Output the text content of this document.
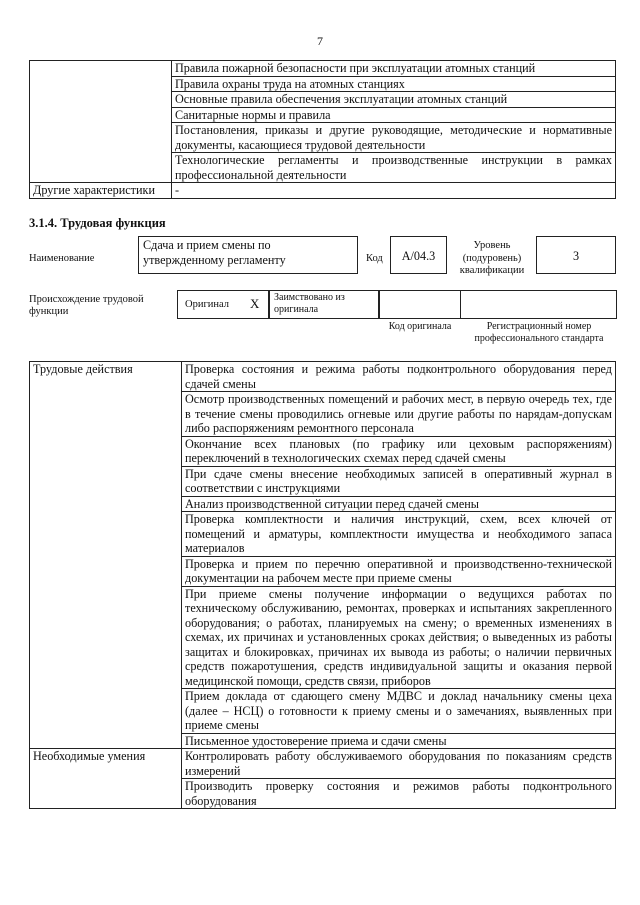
7
	Правила пожарной безопасности при эксплуатации атомных станций
	Правила охраны труда на атомных станциях
	Основные правила обеспечения эксплуатации атомных станций
	Санитарные нормы и правила
	Постановления, приказы и другие руководящие, методические и нормативные документы, касающиеся трудовой деятельности
	Технологические регламенты и производственные инструкции в рамках профессиональной деятельности
Другие характеристики	-
3.1.4. Трудовая функция
Наименование
Сдача и прием смены по утвержденному регламенту	Код	А/04.3
Уровень (подуровень) квалификации
3
Происхождение трудовой функции
Оригинал X Заимствовано из оригинала
Код оригинала	Регистрационный номер профессионального стандарта
Трудовые действия	Проверка состояния и режима работы подконтрольного оборудования перед сдачей смены
	Осмотр производственных помещений и рабочих мест, в первую очередь тех, где в течение смены проводились огневые или другие работы по нарядам-допускам либо распоряжениям ремонтного персонала
	Окончание всех плановых (по графику или цеховым распоряжениям) переключений в технологических схемах перед сдачей смены
	При сдаче смены внесение необходимых записей в оперативный журнал в соответствии с инструкциями
	Анализ производственной ситуации перед сдачей смены
	Проверка комплектности и наличия инструкций, схем, всех ключей от помещений и арматуры, комплектности имущества и необходимого запаса материалов
	Проверка и прием по перечню оперативной и производственно-технической документации на рабочем месте при приеме смены
	При приеме смены получение информации о ведущихся работах по техническому обслуживанию, ремонтах, проверках и испытаниях закрепленного оборудования; о работах, планируемых на смену; о временных изменениях в схемах, их причинах и установленных сроках действия; о выведенных из работы защитах и блокировках, причинах их вывода из работы; о наличии первичных средств пожаротушения, средств индивидуальной защиты и оказания первой медицинской помощи, средств связи, приборов
	Прием доклада от сдающего смену МДВС и доклад начальнику смены цеха (далее – НСЦ) о готовности к приему смены и о замечаниях, выявленных при приеме смены
	Письменное удостоверение приема и сдачи смены
Необходимые умения	Контролировать работу обслуживаемого оборудования по показаниям средств измерений
	Производить проверку состояния и режимов работы подконтрольного оборудования
